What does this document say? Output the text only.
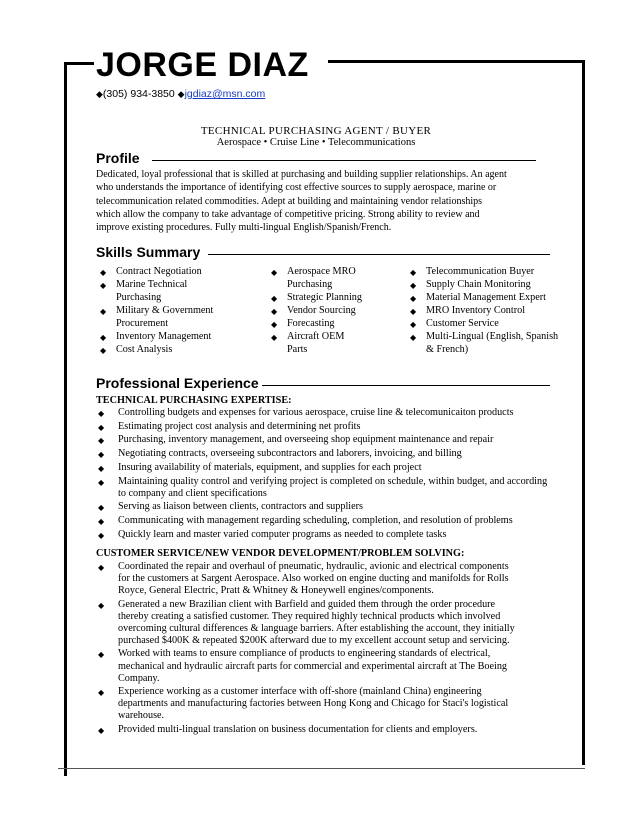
JORGE DIAZ
◆(305) 934-3850 ◆jgdiaz@msn.com
TECHNICAL PURCHASING AGENT / BUYER
Aerospace • Cruise Line • Telecommunications
Profile
Dedicated, loyal professional that is skilled at purchasing and building supplier relationships. An agent
who understands the importance of identifying cost effective sources to supply aerospace, marine or
telecommunication related commodities. Adept at building and maintaining vendor relationships
which allow the company to take advantage of competitive pricing. Strong ability to review and
improve existing procedures. Fully multi-lingual English/Spanish/French.
Skills Summary
◆ Contract Negotiation
◆ Marine Technical
Purchasing
◆ Military & Government
Procurement
◆ Inventory Management
◆ Cost Analysis
◆ Aerospace MRO
Purchasing
◆ Strategic Planning
◆ Vendor Sourcing
◆ Forecasting
◆ Aircraft OEM
Parts
◆ Telecommunication Buyer
◆ Supply Chain Monitoring
◆ Material Management Expert
◆ MRO Inventory Control
◆ Customer Service
◆ Multi-Lingual (English, Spanish
& French)
Professional Experience
TECHNICAL PURCHASING EXPERTISE:
◆ Controlling budgets and expenses for various aerospace, cruise line & telecomunicaiton products
◆ Estimating project cost analysis and determining net profits
◆ Purchasing, inventory management, and overseeing shop equipment maintenance and repair
◆ Negotiating contracts, overseeing subcontractors and laborers, invoicing, and billing
◆ Insuring availability of materials, equipment, and supplies for each project
◆ Maintaining quality control and verifying project is completed on schedule, within budget, and according
to company and client specifications
◆ Serving as liaison between clients, contractors and suppliers
◆ Communicating with management regarding scheduling, completion, and resolution of problems
◆ Quickly learn and master varied computer programs as needed to complete tasks
CUSTOMER SERVICE/NEW VENDOR DEVELOPMENT/PROBLEM SOLVING:
◆ Coordinated the repair and overhaul of pneumatic, hydraulic, avionic and electrical components
for the customers at Sargent Aerospace. Also worked on engine ducting and manifolds for Rolls
Royce, General Electric, Pratt & Whitney & Honeywell engines/components.
◆ Generated a new Brazilian client with Barfield and guided them through the order procedure
thereby creating a satisfied customer. They required highly technical products which involved
overcoming cultural differences & language barriers. After establishing the account, they initially
purchased $400K & repeated $200K afterward due to my excellent account setup and servicing.
◆ Worked with teams to ensure compliance of products to engineering standards of electrical,
mechanical and hydraulic aircraft parts for commercial and experimental aircraft at The Boeing
Company.
◆ Experience working as a customer interface with off-shore (mainland China) engineering
departments and manufacturing factories between Hong Kong and Chicago for Staci's logistical
warehouse.
◆ Provided multi-lingual translation on business documentation for clients and employers.
